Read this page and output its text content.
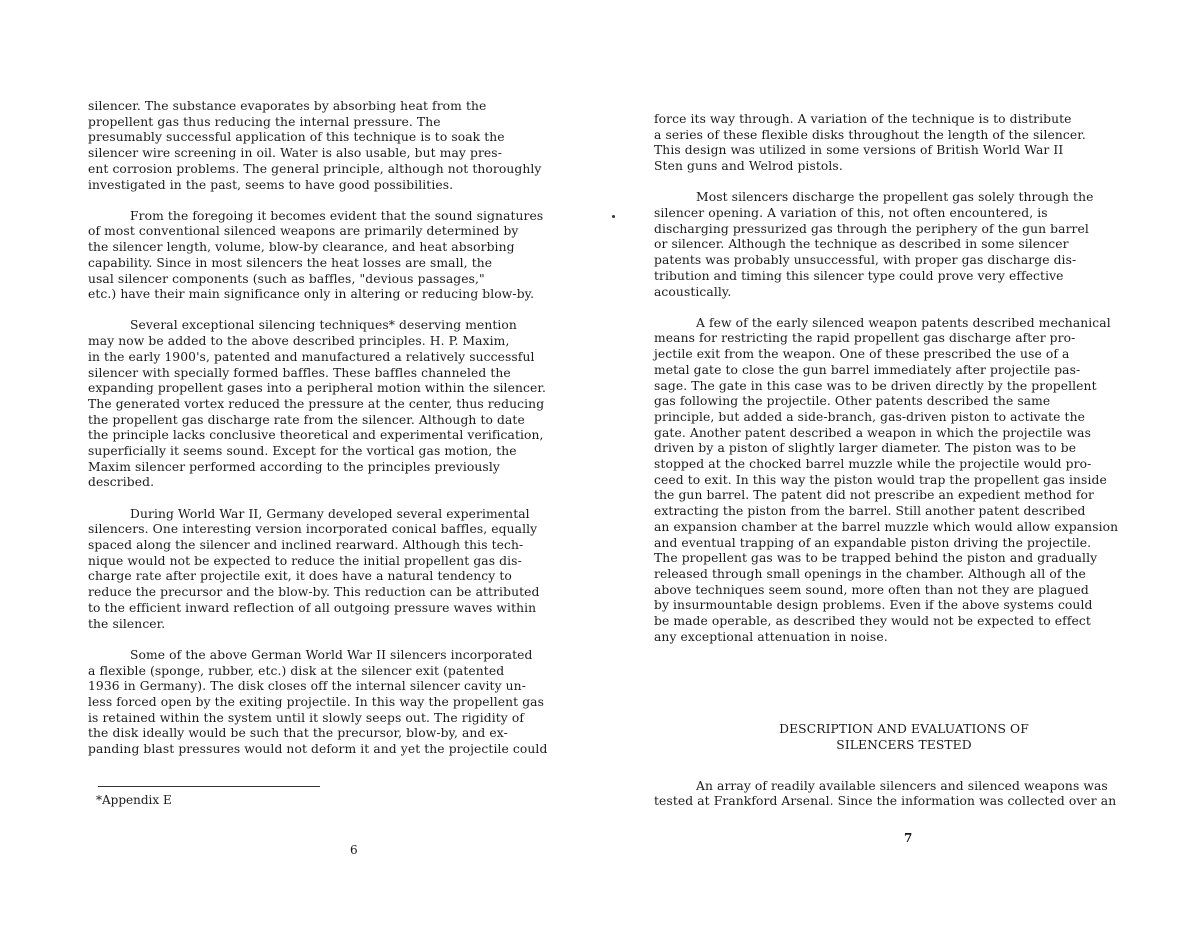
silencer. The substance evaporates by absorbing heat from the
propellent gas thus reducing the internal pressure. The
presumably successful application of this technique is to soak the
silencer wire screening in oil. Water is also usable, but may pres-
ent corrosion problems. The general principle, although not thoroughly
investigated in the past, seems to have good possibilities.
From the foregoing it becomes evident that the sound signatures
of most conventional silenced weapons are primarily determined by
the silencer length, volume, blow-by clearance, and heat absorbing
capability. Since in most silencers the heat losses are small, the
usal silencer components (such as baffles, "devious passages,"
etc.) have their main significance only in altering or reducing blow-by.
Several exceptional silencing techniques* deserving mention
may now be added to the above described principles. H. P. Maxim,
in the early 1900's, patented and manufactured a relatively successful
silencer with specially formed baffles. These baffles channeled the
expanding propellent gases into a peripheral motion within the silencer.
The generated vortex reduced the pressure at the center, thus reducing
the propellent gas discharge rate from the silencer. Although to date
the principle lacks conclusive theoretical and experimental verification,
superficially it seems sound. Except for the vortical gas motion, the
Maxim silencer performed according to the principles previously
described.
During World War II, Germany developed several experimental
silencers. One interesting version incorporated conical baffles, equally
spaced along the silencer and inclined rearward. Although this tech-
nique would not be expected to reduce the initial propellent gas dis-
charge rate after projectile exit, it does have a natural tendency to
reduce the precursor and the blow-by. This reduction can be attributed
to the efficient inward reflection of all outgoing pressure waves within
the silencer.
Some of the above German World War II silencers incorporated
a flexible (sponge, rubber, etc.) disk at the silencer exit (patented
1936 in Germany). The disk closes off the internal silencer cavity un-
less forced open by the exiting projectile. In this way the propellent gas
is retained within the system until it slowly seeps out. The rigidity of
the disk ideally would be such that the precursor, blow-by, and ex-
panding blast pressures would not deform it and yet the projectile could
*Appendix E
6
force its way through. A variation of the technique is to distribute
a series of these flexible disks throughout the length of the silencer.
This design was utilized in some versions of British World War II
Sten guns and Welrod pistols.
Most silencers discharge the propellent gas solely through the
silencer opening. A variation of this, not often encountered, is
discharging pressurized gas through the periphery of the gun barrel
or silencer. Although the technique as described in some silencer
patents was probably unsuccessful, with proper gas discharge dis-
tribution and timing this silencer type could prove very effective
acoustically.
A few of the early silenced weapon patents described mechanical
means for restricting the rapid propellent gas discharge after pro-
jectile exit from the weapon. One of these prescribed the use of a
metal gate to close the gun barrel immediately after projectile pas-
sage. The gate in this case was to be driven directly by the propellent
gas following the projectile. Other patents described the same
principle, but added a side-branch, gas-driven piston to activate the
gate. Another patent described a weapon in which the projectile was
driven by a piston of slightly larger diameter. The piston was to be
stopped at the chocked barrel muzzle while the projectile would pro-
ceed to exit. In this way the piston would trap the propellent gas inside
the gun barrel. The patent did not prescribe an expedient method for
extracting the piston from the barrel. Still another patent described
an expansion chamber at the barrel muzzle which would allow expansion
and eventual trapping of an expandable piston driving the projectile.
The propellent gas was to be trapped behind the piston and gradually
released through small openings in the chamber. Although all of the
above techniques seem sound, more often than not they are plagued
by insurmountable design problems. Even if the above systems could
be made operable, as described they would not be expected to effect
any exceptional attenuation in noise.
DESCRIPTION AND EVALUATIONS OF
SILENCERS TESTED
An array of readily available silencers and silenced weapons was
tested at Frankford Arsenal. Since the information was collected over an
7
